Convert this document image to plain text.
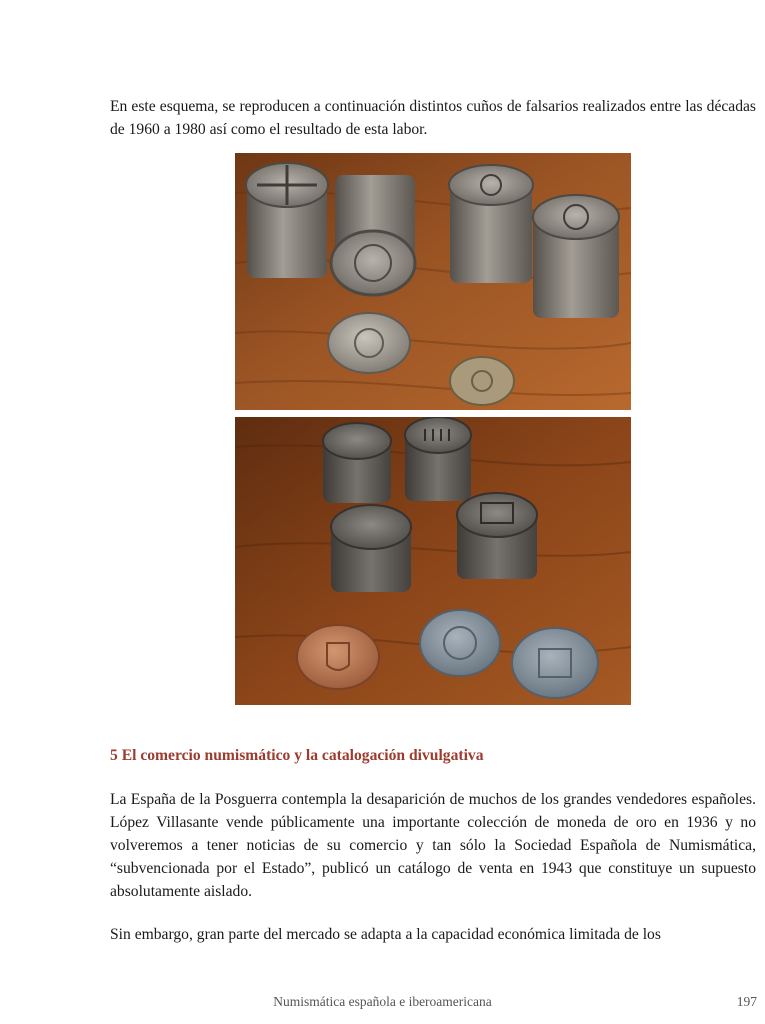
En este esquema, se reproducen a continuación distintos cuños de falsarios realizados entre las décadas de 1960 a 1980 así como el resultado de esta labor.

5 El comercio numismático y la catalogación divulgativa

La España de la Posguerra contempla la desaparición de muchos de los grandes vendedores españoles. López Villasante vende públicamente una importante colección de moneda de oro en 1936 y no volveremos a tener noticias de su comercio y tan sólo la Sociedad Española de Numismática, “subvencionada por el Estado”, publicó un catálogo de venta en 1943 que constituye un supuesto absolutamente aislado.

Sin embargo, gran parte del mercado se adapta a la capacidad económica limitada de los

Numismática española e iberoamericana	197
